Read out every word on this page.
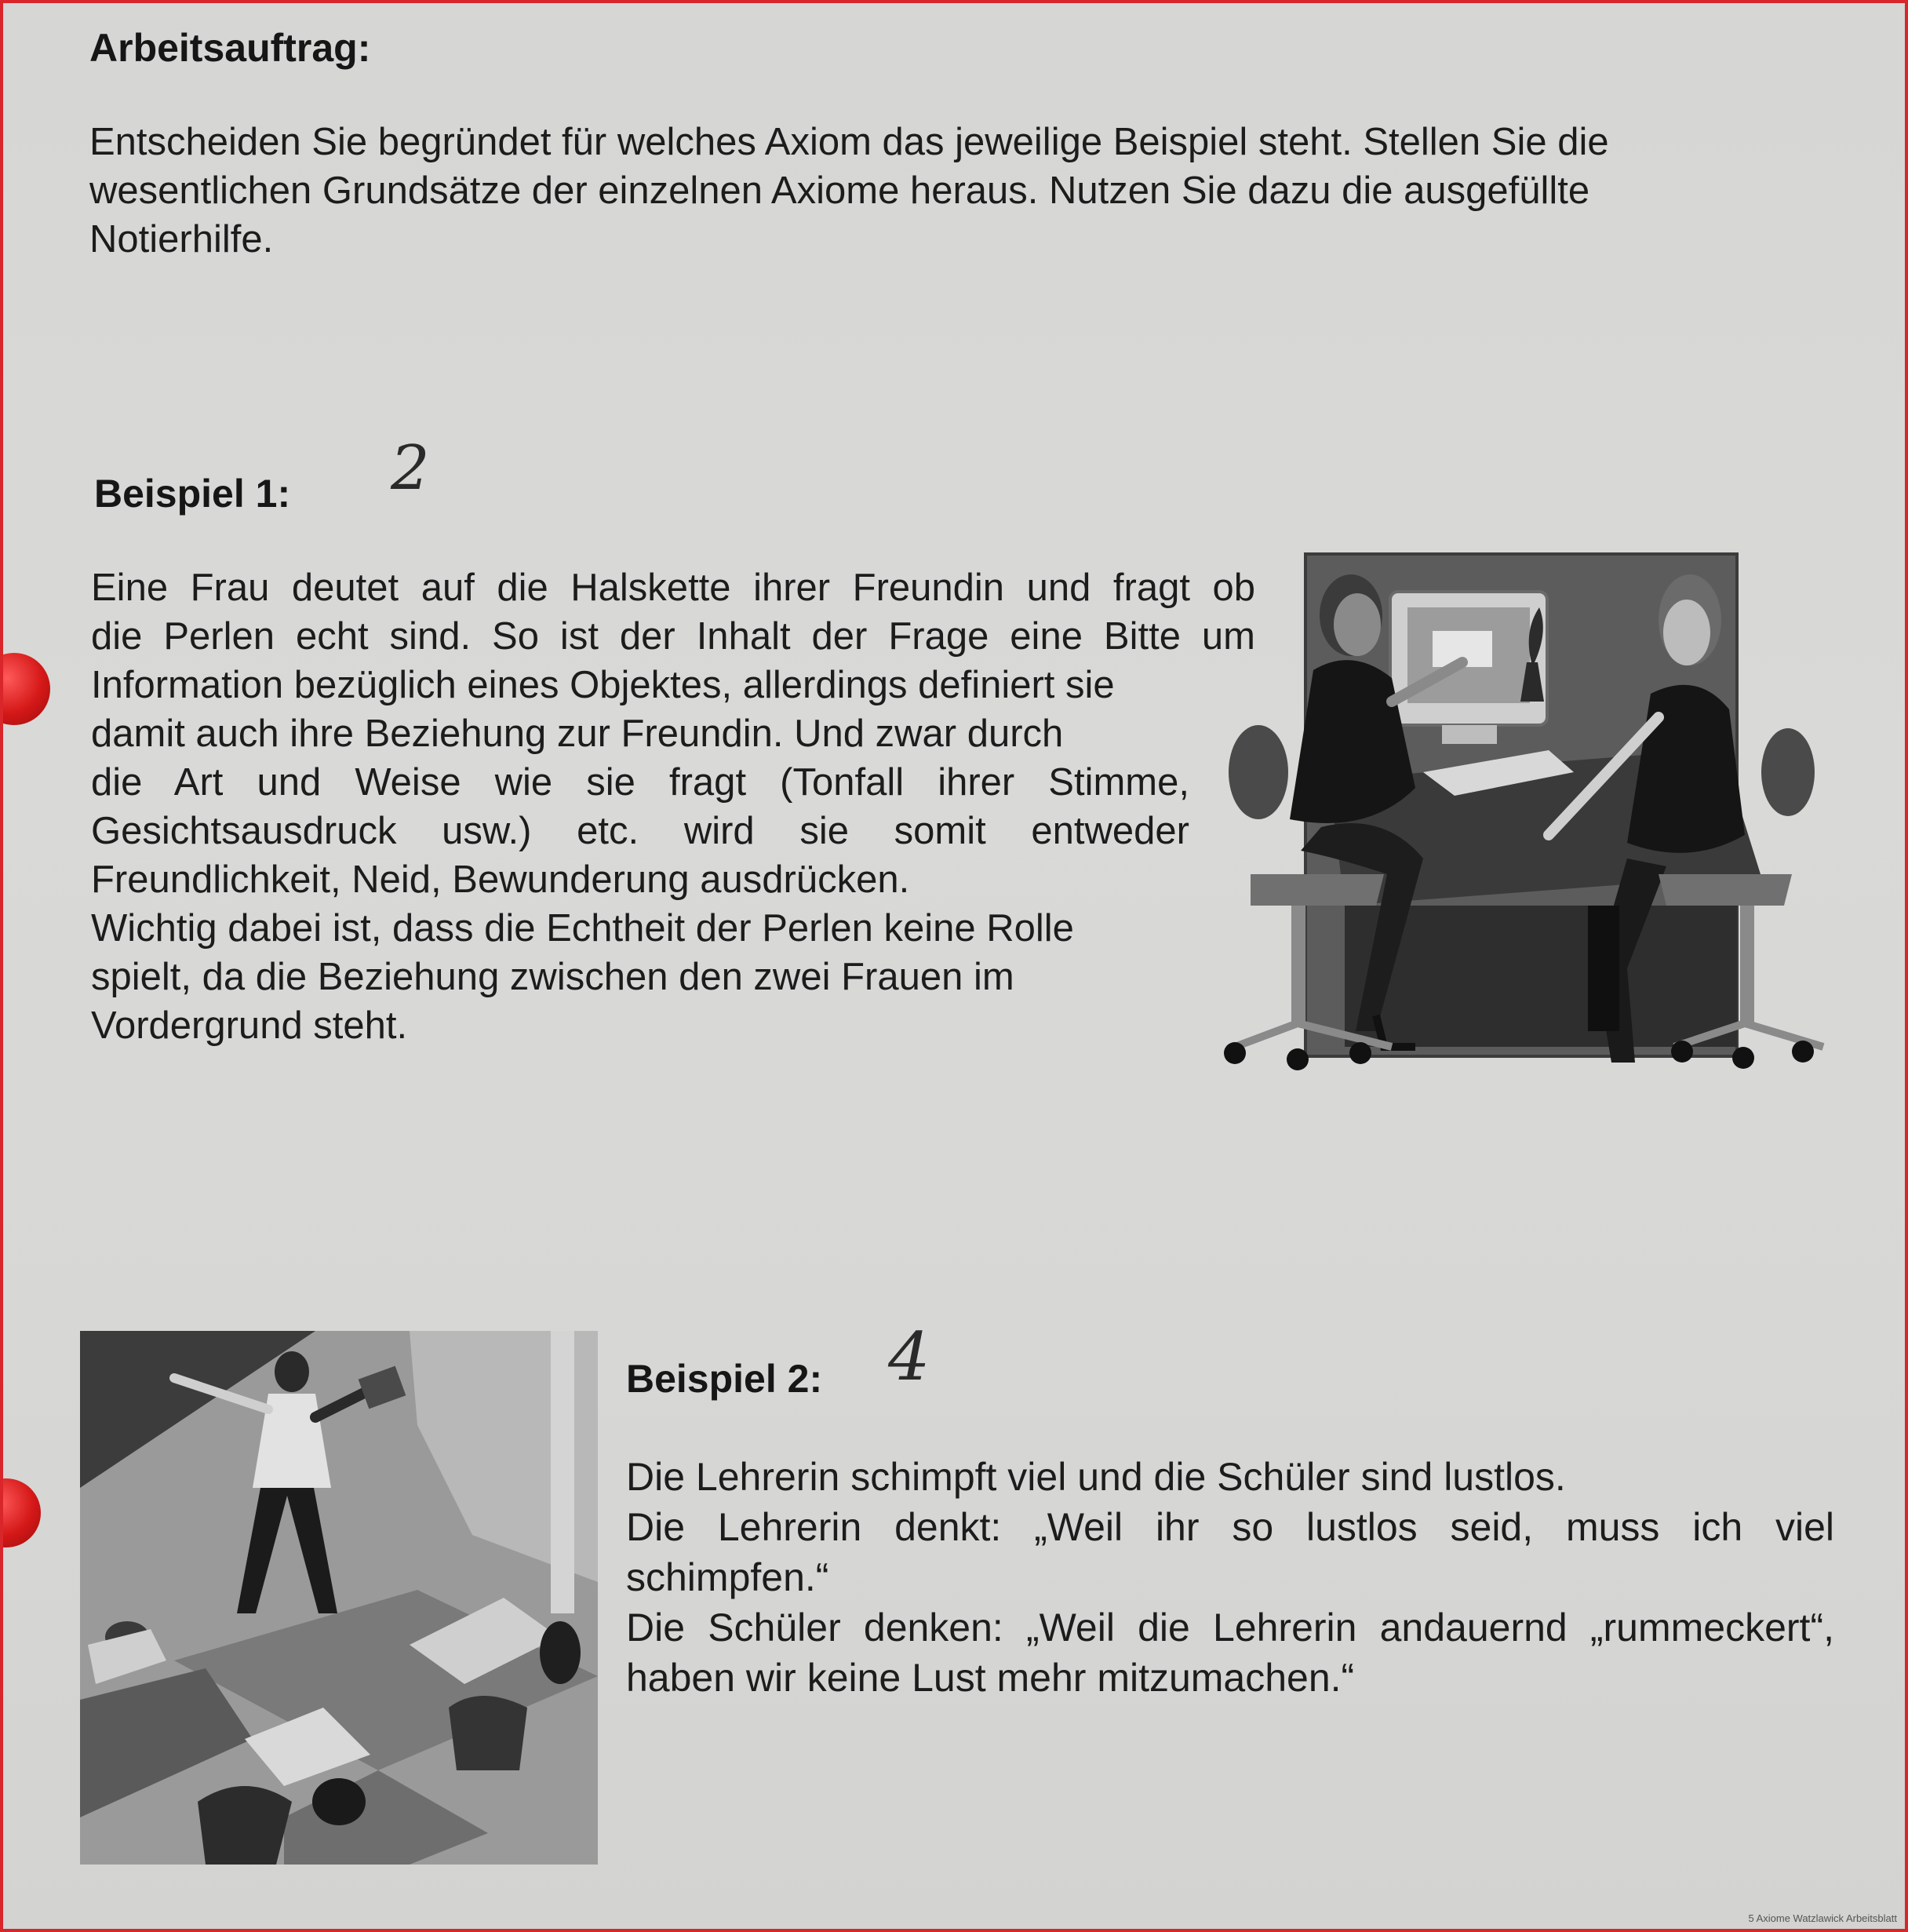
Arbeitsauftrag:
Entscheiden Sie begründet für welches Axiom das jeweilige Beispiel steht. Stellen Sie die
wesentlichen Grundsätze der einzelnen Axiome heraus. Nutzen Sie dazu die ausgefüllte
Notierhilfe.
Beispiel 1: 2
Eine Frau deutet auf die Halskette ihrer Freundin und fragt ob
die Perlen echt sind. So ist der Inhalt der Frage eine Bitte um
Information bezüglich eines Objektes, allerdings definiert sie
damit auch ihre Beziehung zur Freundin. Und zwar durch
die Art und Weise wie sie fragt (Tonfall ihrer Stimme,
Gesichtsausdruck usw.) etc. wird sie somit entweder
Freundlichkeit, Neid, Bewunderung ausdrücken.
Wichtig dabei ist, dass die Echtheit der Perlen keine Rolle
spielt, da die Beziehung zwischen den zwei Frauen im
Vordergrund steht.
Beispiel 2: 4
Die Lehrerin schimpft viel und die Schüler sind lustlos.
Die Lehrerin denkt: „Weil ihr so lustlos seid, muss ich viel
schimpfen.“
Die Schüler denken: „Weil die Lehrerin andauernd „rummeckert“,
haben wir keine Lust mehr mitzumachen.“
5 Axiome Watzlawick Arbeitsblatt
